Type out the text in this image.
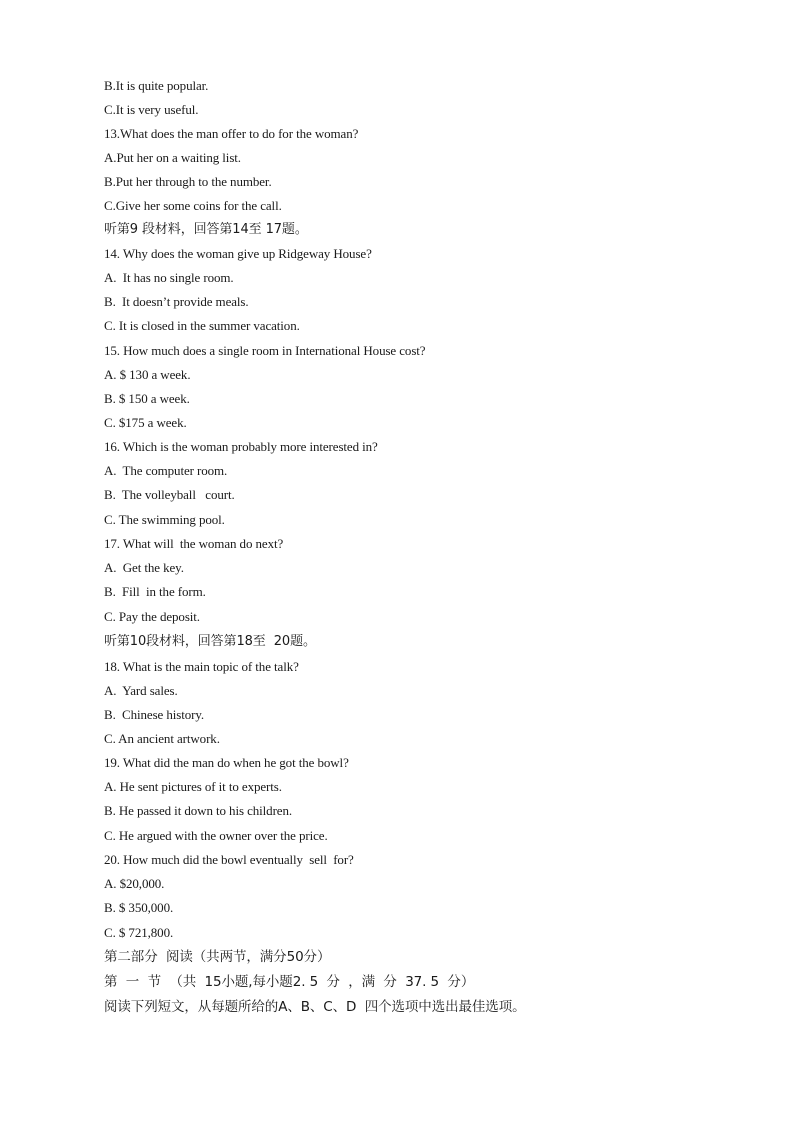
B.It is quite popular.
C.It is very useful.
13.What does the man offer to do for the woman?
A.Put her on a waiting list.
B.Put her through to the number.
C.Give her some coins for the call.
听第9 段材料，回答第14至 17题。
14. Why does the woman give up Ridgeway House?
A.  It has no single room.
B.  It doesn’t provide meals.
C. It is closed in the summer vacation.
15. How much does a single room in International House cost?
A. $ 130 a week.
B. $ 150 a week.
C. $175 a week.
16. Which is the woman probably more interested in?
A.  The computer room.
B.  The volleyball   court.
C. The swimming pool.
17. What will  the woman do next?
A.  Get the key.
B.  Fill  in the form.
C. Pay the deposit.
听第10段材料，回答第18至  20题。
18. What is the main topic of the talk?
A.  Yard sales.
B.  Chinese history.
C. An ancient artwork.
19. What did the man do when he got the bowl?
A. He sent pictures of it to experts.
B. He passed it down to his children.
C. He argued with the owner over the price.
20. How much did the bowl eventually  sell  for?
A. $20,000.
B. $ 350,000.
C. $ 721,800.
第二部分  阅读（共两节，满分50分）
第  一  节  （共  15小题,每小题2. 5  分  ，满  分  37. 5  分）
阅读下列短文，从每题所给的A、B、C、D  四个选项中选出最佳选项。
